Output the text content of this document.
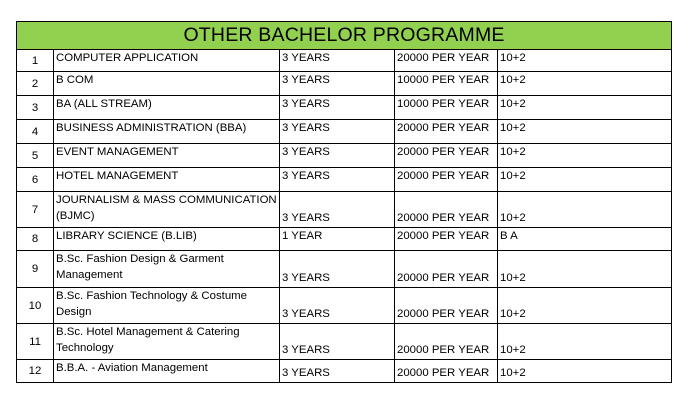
OTHER BACHELOR PROGRAMME				
1	COMPUTER APPLICATION	3 YEARS	20000 PER YEAR	10+2
2	B COM	3 YEARS	10000 PER YEAR	10+2
3	BA (ALL STREAM)	3 YEARS	10000 PER YEAR	10+2
4	BUSINESS ADMINISTRATION (BBA)	3 YEARS	20000 PER YEAR	10+2
5	EVENT MANAGEMENT	3 YEARS	20000 PER YEAR	10+2
6	HOTEL MANAGEMENT	3 YEARS	20000 PER YEAR	10+2
7	JOURNALISM & MASS COMMUNICATION (BJMC)	3 YEARS	20000 PER YEAR	10+2
8	LIBRARY SCIENCE (B.LIB)	1 YEAR	20000 PER YEAR	B A
9	B.Sc. Fashion Design & Garment Management	3 YEARS	20000 PER YEAR	10+2
10	B.Sc. Fashion Technology & Costume Design	3 YEARS	20000 PER YEAR	10+2
11	B.Sc. Hotel Management & Catering Technology	3 YEARS	20000 PER YEAR	10+2
12	B.B.A. - Aviation Management	3 YEARS	20000 PER YEAR	10+2
